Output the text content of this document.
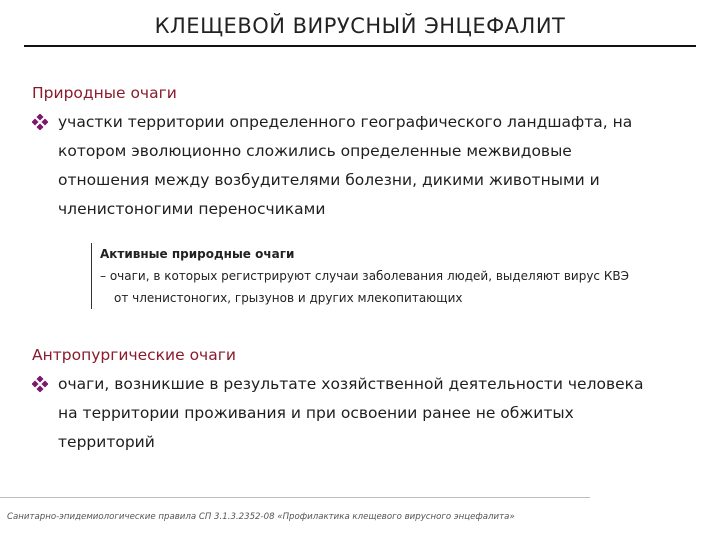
КЛЕЩЕВОЙ ВИРУСНЫЙ ЭНЦЕФАЛИТ
Природные очаги
участки территории определенного географического ландшафта, на
котором эволюционно сложились определенные межвидовые
отношения между возбудителями болезни, дикими животными и
членистоногими переносчиками
Активные природные очаги
– очаги, в которых регистрируют случаи заболевания людей, выделяют вирус КВЭ
от членистоногих, грызунов и других млекопитающих
Антропургические очаги
очаги, возникшие в результате хозяйственной деятельности человека
на территории проживания и при освоении ранее не обжитых
территорий
Санитарно-эпидемиологические правила СП 3.1.3.2352-08 «Профилактика клещевого вирусного энцефалита»
